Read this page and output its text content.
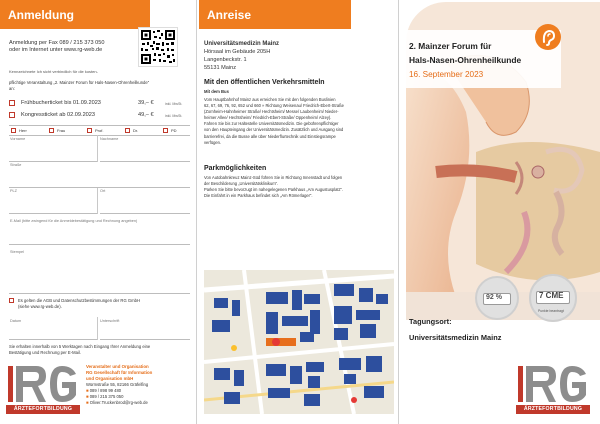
Anmeldung
Anmeldung per Fax 089 / 215 373 050
oder im Internet unter www.rg-web.de
Kennzeichnete Ich sicht verbindlich für die kosten-
pflichtige Veranstaltung „2. Mainzer Forum für Hals-Nasen-Ohrenheilkunde“
an:
Frühbucherticket bis 01.09.2023	39,– €	inkl. MwSt.
Kongressticket ab 02.09.2023	49,– €	inkl. MwSt.
Herr	Frau	Prof.	Dr.	PD
Vorname	Nachname
Straße
PLZ	Ort
E-Mail (bitte zwingend für die Anmeldebestätigung und Rechnung angeben)
Stempel
Es gelten die AGB und Datenschutzbestimmungen der RG GmbH
(siehe www.rg-web.de).
Datum	Unterschrift
Sie erhalten innerhalb von 5 Werktagen nach Eingang Ihrer Anmeldung eine
Bestätigung und Rechnung per E-Mail.
ÄRZTEFORTBILDUNG
Veranstalter und Organisation
RG Gesellschaft für Information
und Organisation mbH
Würmstraße 55, 82166 Gräfelfing
■ 089 / 898 99 480
■ 089 / 215 375 050
■ Oliver.Truckenbrod@rg-web.de
Anreise
Universitätsmedizin Mainz
Hörsaal im Gebäude 205H
Langenbeckstr. 1
55131 Mainz
Mit den öffentlichen Verkehrsmitteln
Mit dem Bus
Vom Hauptbahnhof Mainz aus erreichen Sie mit den folgenden Buslinien
62, 67, 69, 76, 92, 652 und 660 » Richtung Weisenau/ Friedrich-Ebert-Straße
(Zornheim-Hahnheimer Straße/ Hechtsheim/ Messe/ Laubenheim/ Nieder-
heimer Allee/ Hechtsheim/ Friedrich-Ebert-Straße/ Oppenheim/ Alzey).
Fahren Sie bis zur Haltestelle Universitätsmedizin. Die gebührenpflichtiger
von den Haupteingang der Universitätsmedizin. Zusätzlich und Ausgang sind
barrierefrei, da die Busse alle über Niederflurtechnik und Einstiegsrampe
verfügen.
Parkmöglichkeiten
Von Autobahnkreuz Mainz-Süd führen Sie in Richtung Innenstadt und folgen
der Beschilderung „Universitätsklinikum“.
Parken Sie bitte bevorzugt im nahegelegenen Parkhaus „Am Augustusplatz“.
Die Einfahrt in ein Parkhaus befindet sich „Am Römerlager“.
2. Mainzer Forum für
Hals-Nasen-Ohrenheilkunde
16. September 2023
92 %	7 CME
Punkte beantragt
Tagungsort:
Universitätsmedizin Mainz
ÄRZTEFORTBILDUNG
